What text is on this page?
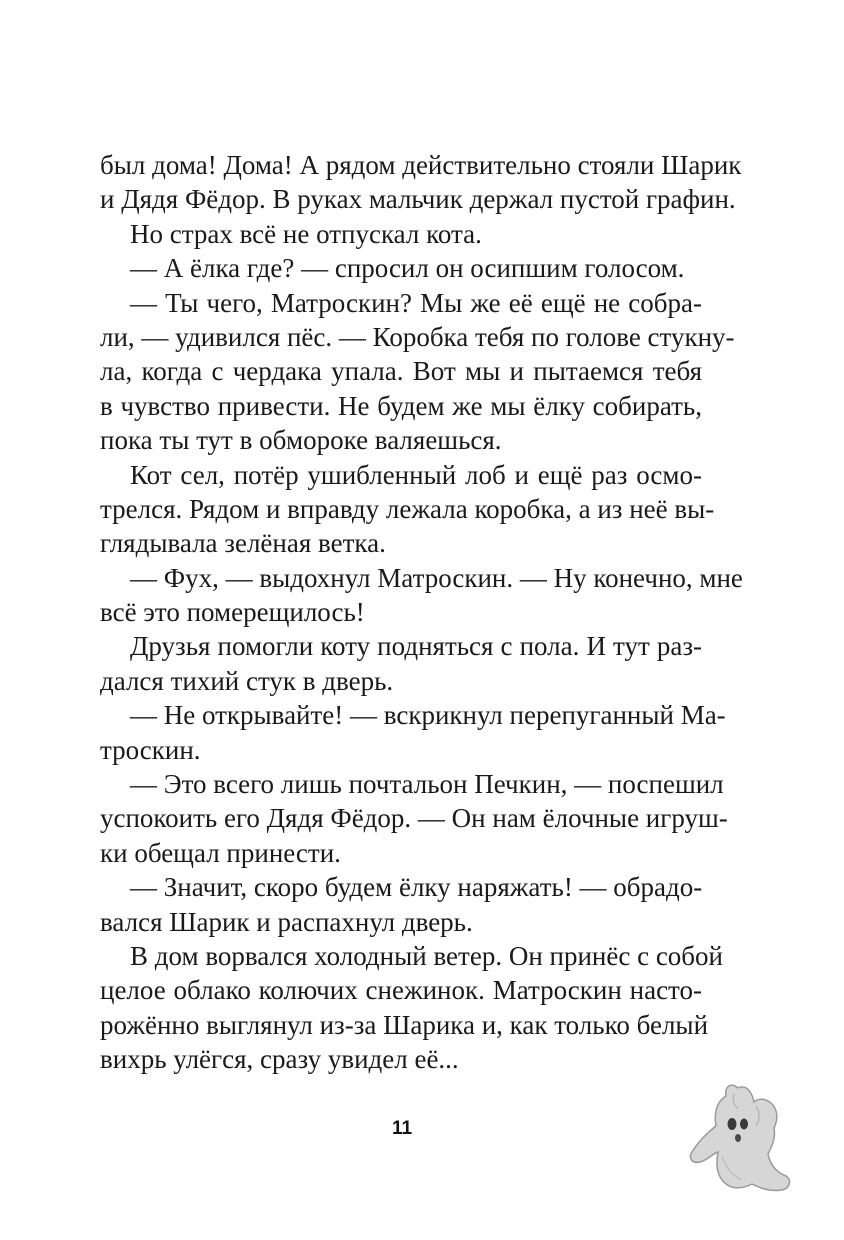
был дома! Дома! А рядом действительно стояли Шарик
и Дядя Фёдор. В руках мальчик держал пустой графин.
Но страх всё не отпускал кота.
— А ёлка где? — спросил он осипшим голосом.
— Ты чего, Матроскин? Мы же её ещё не собра-
ли, — удивился пёс. — Коробка тебя по голове стукну-
ла, когда с чердака упала. Вот мы и пытаемся тебя
в чувство привести. Не будем же мы ёлку собирать,
пока ты тут в обмороке валяешься.
Кот сел, потёр ушибленный лоб и ещё раз осмо-
трелся. Рядом и вправду лежала коробка, а из неё вы-
глядывала зелёная ветка.
— Фух, — выдохнул Матроскин. — Ну конечно, мне
всё это померещилось!
Друзья помогли коту подняться с пола. И тут раз-
дался тихий стук в дверь.
— Не открывайте! — вскрикнул перепуганный Ма-
троскин.
— Это всего лишь почтальон Печкин, — поспешил
успокоить его Дядя Фёдор. — Он нам ёлочные игруш-
ки обещал принести.
— Значит, скоро будем ёлку наряжать! — обрадо-
вался Шарик и распахнул дверь.
В дом ворвался холодный ветер. Он принёс с собой
целое облако колючих снежинок. Матроскин насто-
рожённо выглянул из-за Шарика и, как только белый
вихрь улёгся, сразу увидел её...
11
